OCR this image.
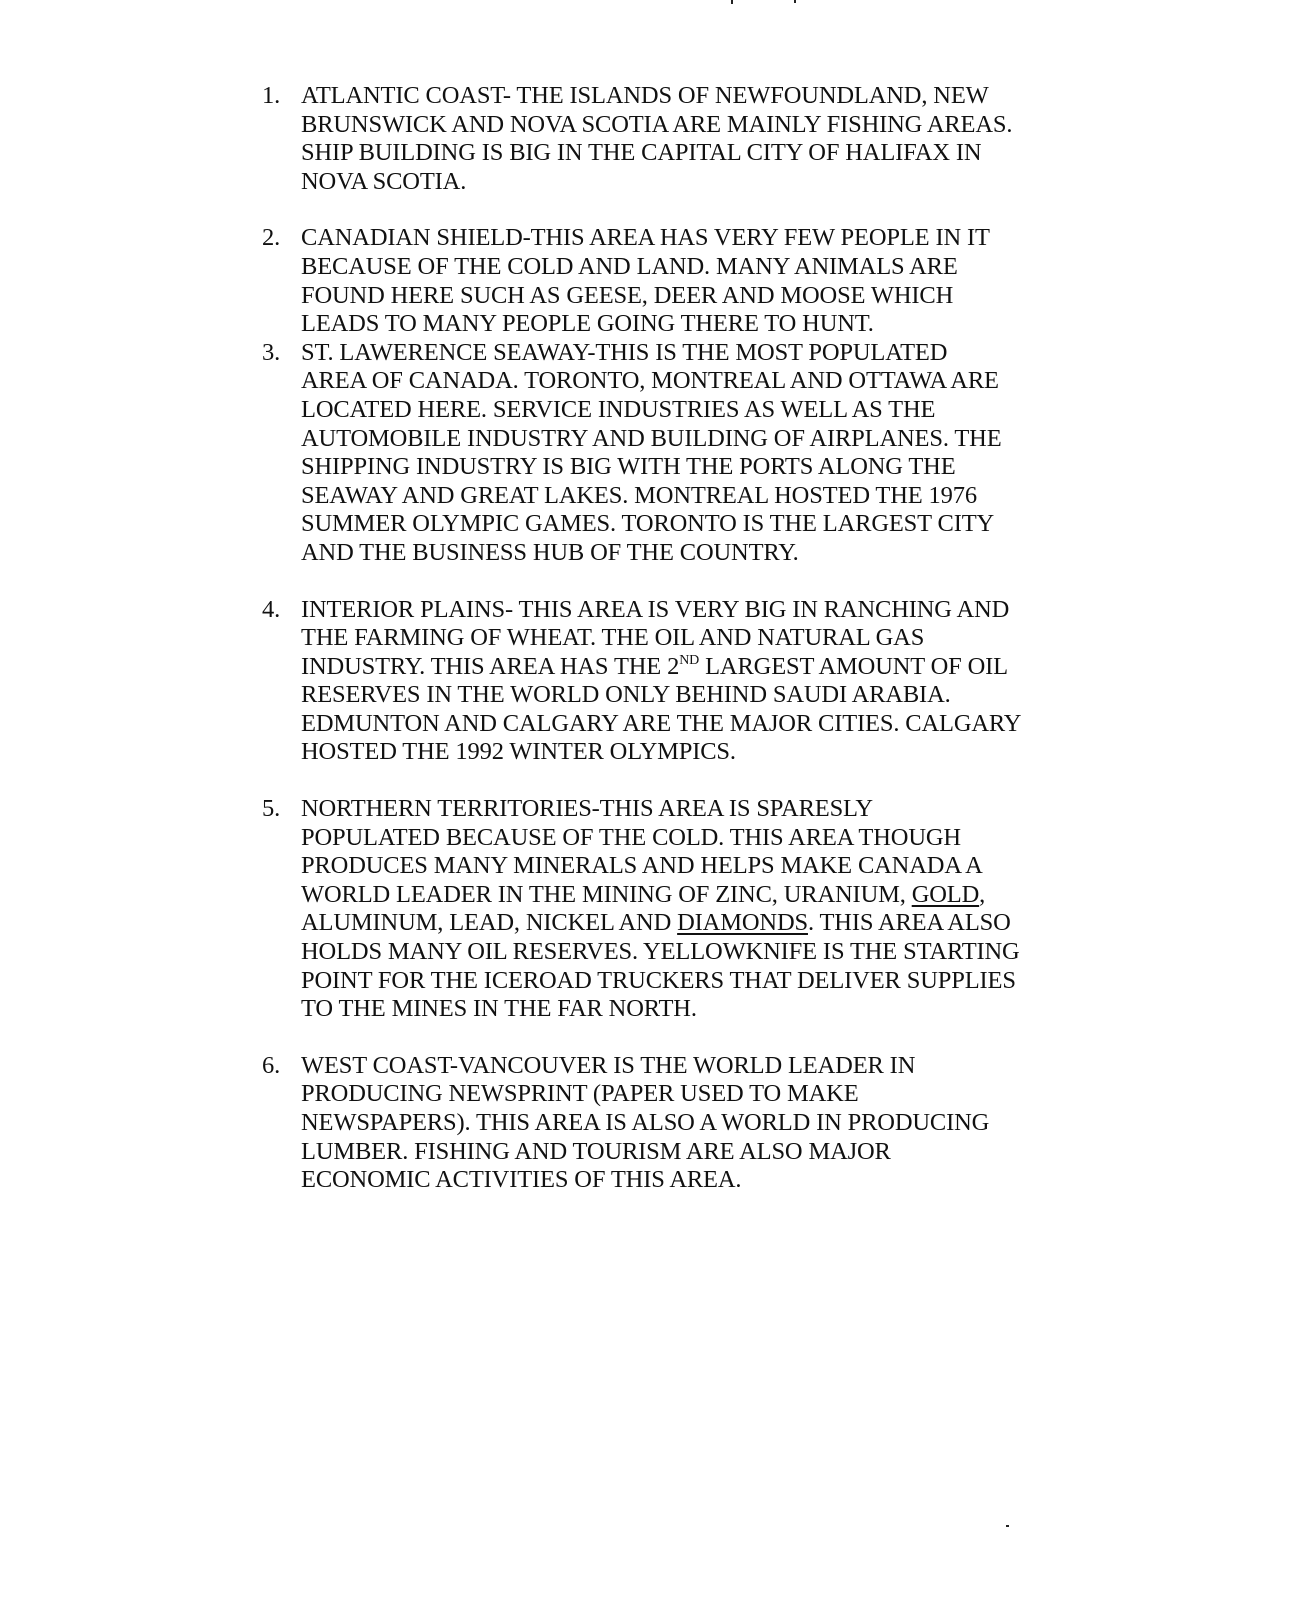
1. ATLANTIC COAST- THE ISLANDS OF NEWFOUNDLAND, NEW
BRUNSWICK AND NOVA SCOTIA ARE MAINLY FISHING AREAS.
SHIP BUILDING IS BIG IN THE CAPITAL CITY OF HALIFAX IN
NOVA SCOTIA.
2. CANADIAN SHIELD-THIS AREA HAS VERY FEW PEOPLE IN IT
BECAUSE OF THE COLD AND LAND. MANY ANIMALS ARE
FOUND HERE SUCH AS GEESE, DEER AND MOOSE WHICH
LEADS TO MANY PEOPLE GOING THERE TO HUNT.
3. ST. LAWERENCE SEAWAY-THIS IS THE MOST POPULATED
AREA OF CANADA. TORONTO, MONTREAL AND OTTAWA ARE
LOCATED HERE. SERVICE INDUSTRIES AS WELL AS THE
AUTOMOBILE INDUSTRY AND BUILDING OF AIRPLANES. THE
SHIPPING INDUSTRY IS BIG WITH THE PORTS ALONG THE
SEAWAY AND GREAT LAKES. MONTREAL HOSTED THE 1976
SUMMER OLYMPIC GAMES. TORONTO IS THE LARGEST CITY
AND THE BUSINESS HUB OF THE COUNTRY.
4. INTERIOR PLAINS- THIS AREA IS VERY BIG IN RANCHING AND
THE FARMING OF WHEAT. THE OIL AND NATURAL GAS
INDUSTRY. THIS AREA HAS THE 2ND LARGEST AMOUNT OF OIL
RESERVES IN THE WORLD ONLY BEHIND SAUDI ARABIA.
EDMUNTON AND CALGARY ARE THE MAJOR CITIES. CALGARY
HOSTED THE 1992 WINTER OLYMPICS.
5. NORTHERN TERRITORIES-THIS AREA IS SPARESLY
POPULATED BECAUSE OF THE COLD. THIS AREA THOUGH
PRODUCES MANY MINERALS AND HELPS MAKE CANADA A
WORLD LEADER IN THE MINING OF ZINC, URANIUM, GOLD,
ALUMINUM, LEAD, NICKEL AND DIAMONDS. THIS AREA ALSO
HOLDS MANY OIL RESERVES. YELLOWKNIFE IS THE STARTING
POINT FOR THE ICEROAD TRUCKERS THAT DELIVER SUPPLIES
TO THE MINES IN THE FAR NORTH.
6. WEST COAST-VANCOUVER IS THE WORLD LEADER IN
PRODUCING NEWSPRINT (PAPER USED TO MAKE
NEWSPAPERS). THIS AREA IS ALSO A WORLD IN PRODUCING
LUMBER. FISHING AND TOURISM ARE ALSO MAJOR
ECONOMIC ACTIVITIES OF THIS AREA.
